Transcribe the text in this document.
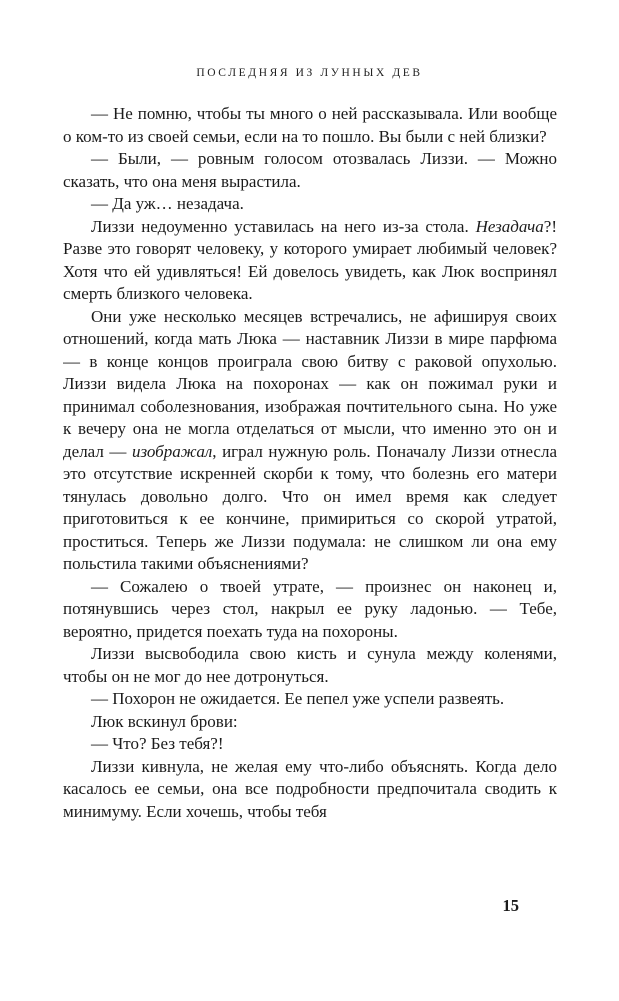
ПОСЛЕДНЯЯ ИЗ ЛУННЫХ ДЕВ

— Не помню, чтобы ты много о ней рассказывала. Или вообще о ком-то из своей семьи, если на то пошло. Вы были с ней близки?

— Были, — ровным голосом отозвалась Лиззи. — Можно сказать, что она меня вырастила.

— Да уж… незадача.

Лиззи недоуменно уставилась на него из-за стола. Незадача?! Разве это говорят человеку, у которого умирает любимый человек? Хотя что ей удивляться! Ей довелось увидеть, как Люк воспринял смерть близкого человека.

Они уже несколько месяцев встречались, не афишируя своих отношений, когда мать Люка — наставник Лиззи в мире парфюма — в конце концов проиграла свою битву с раковой опухолью. Лиззи видела Люка на похоронах — как он пожимал руки и принимал соболезнования, изображая почтительного сына. Но уже к вечеру она не могла отделаться от мысли, что именно это он и делал — изображал, играл нужную роль. Поначалу Лиззи отнесла это отсутствие искренней скорби к тому, что болезнь его матери тянулась довольно долго. Что он имел время как следует приготовиться к ее кончине, примириться со скорой утратой, проститься. Теперь же Лиззи подумала: не слишком ли она ему польстила такими объяснениями?

— Сожалею о твоей утрате, — произнес он наконец и, потянувшись через стол, накрыл ее руку ладонью. — Тебе, вероятно, придется поехать туда на похороны.

Лиззи высвободила свою кисть и сунула между коленями, чтобы он не мог до нее дотронуться.

— Похорон не ожидается. Ее пепел уже успели развеять.

Люк вскинул брови:

— Что? Без тебя?!

Лиззи кивнула, не желая ему что-либо объяснять. Когда дело касалось ее семьи, она все подробности предпочитала сводить к минимуму. Если хочешь, чтобы тебя

15
